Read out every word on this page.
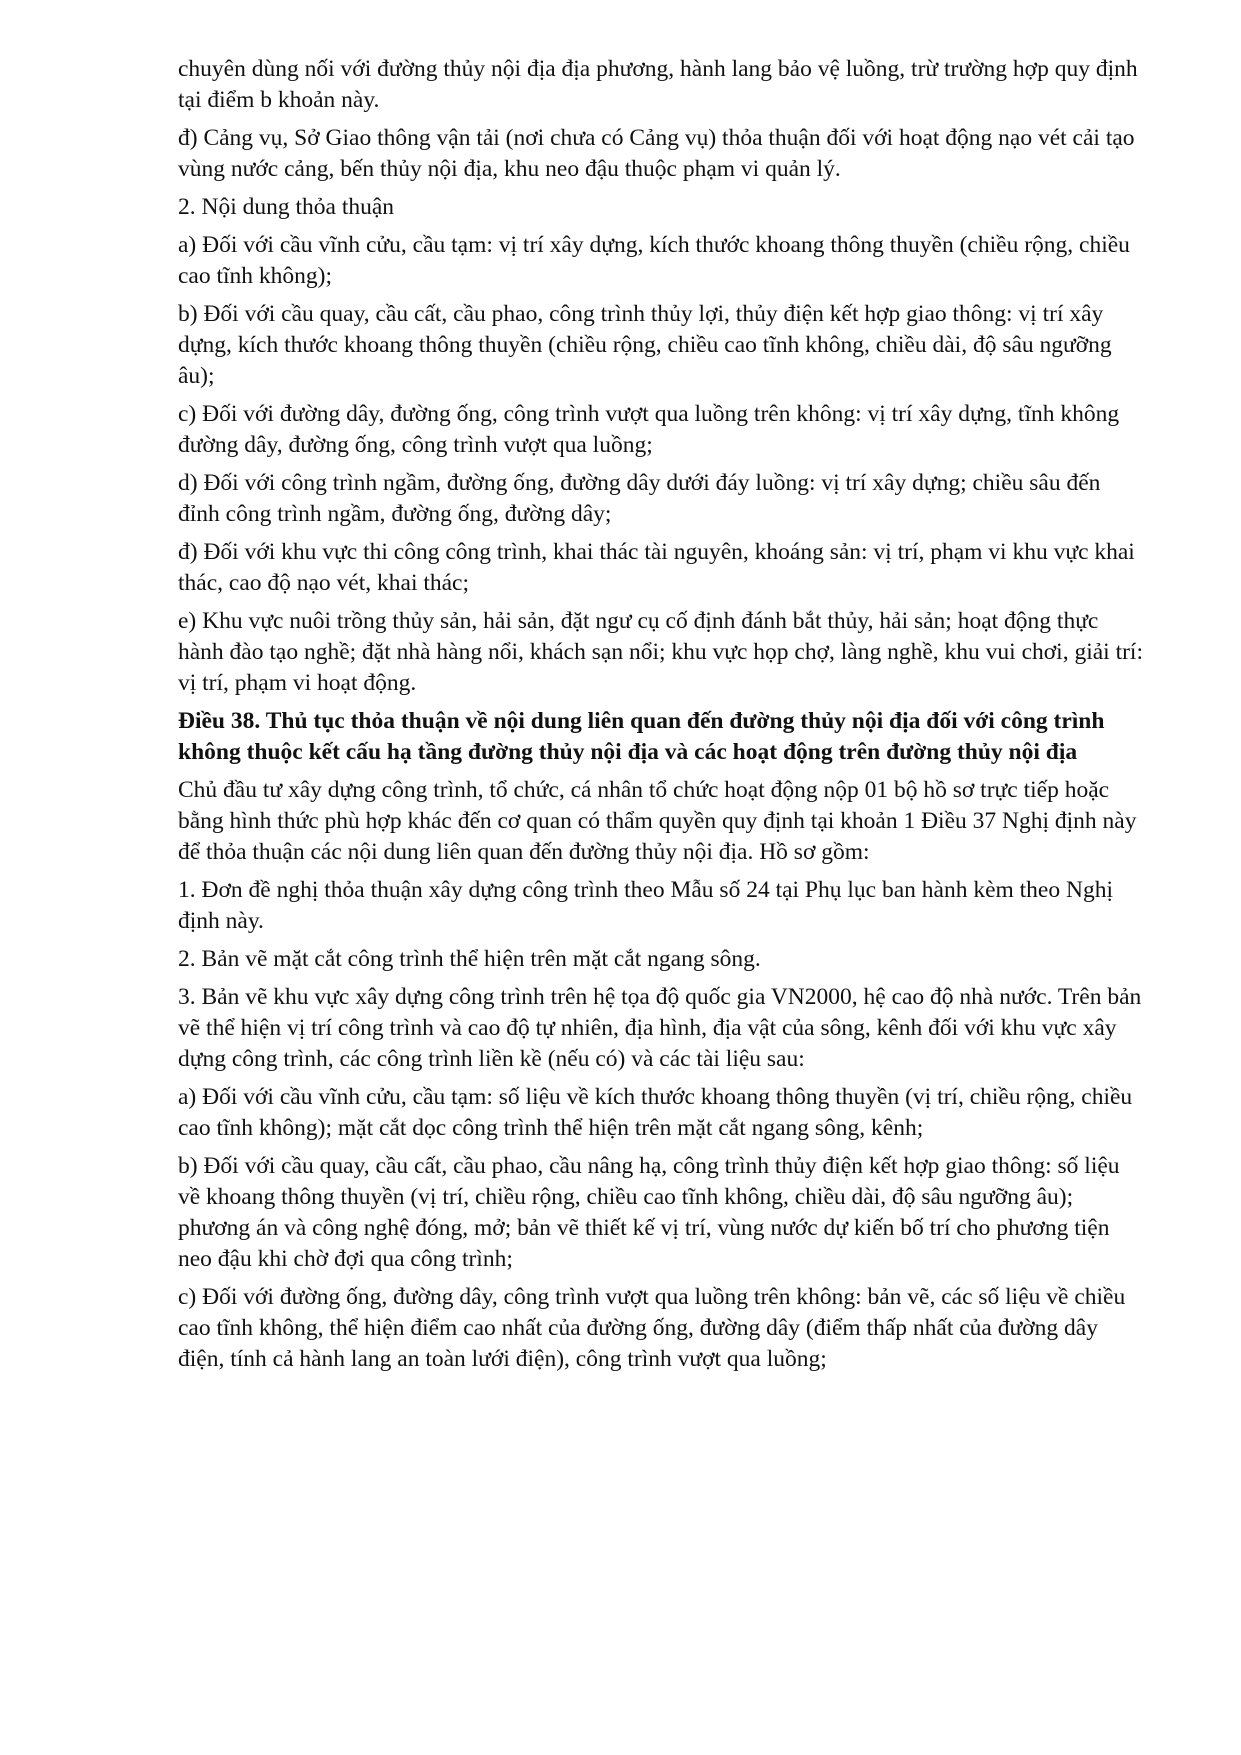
chuyên dùng nối với đường thủy nội địa địa phương, hành lang bảo vệ luồng, trừ trường hợp quy định tại điểm b khoản này.

đ) Cảng vụ, Sở Giao thông vận tải (nơi chưa có Cảng vụ) thỏa thuận đối với hoạt động nạo vét cải tạo vùng nước cảng, bến thủy nội địa, khu neo đậu thuộc phạm vi quản lý.

2. Nội dung thỏa thuận

a) Đối với cầu vĩnh cửu, cầu tạm: vị trí xây dựng, kích thước khoang thông thuyền (chiều rộng, chiều cao tĩnh không);

b) Đối với cầu quay, cầu cất, cầu phao, công trình thủy lợi, thủy điện kết hợp giao thông: vị trí xây dựng, kích thước khoang thông thuyền (chiều rộng, chiều cao tĩnh không, chiều dài, độ sâu ngưỡng âu);

c) Đối với đường dây, đường ống, công trình vượt qua luồng trên không: vị trí xây dựng, tĩnh không đường dây, đường ống, công trình vượt qua luồng;

d) Đối với công trình ngầm, đường ống, đường dây dưới đáy luồng: vị trí xây dựng; chiều sâu đến đỉnh công trình ngầm, đường ống, đường dây;

đ) Đối với khu vực thi công công trình, khai thác tài nguyên, khoáng sản: vị trí, phạm vi khu vực khai thác, cao độ nạo vét, khai thác;

e) Khu vực nuôi trồng thủy sản, hải sản, đặt ngư cụ cố định đánh bắt thủy, hải sản; hoạt động thực hành đào tạo nghề; đặt nhà hàng nổi, khách sạn nổi; khu vực họp chợ, làng nghề, khu vui chơi, giải trí: vị trí, phạm vi hoạt động.

Điều 38. Thủ tục thỏa thuận về nội dung liên quan đến đường thủy nội địa đối với công trình không thuộc kết cấu hạ tầng đường thủy nội địa và các hoạt động trên đường thủy nội địa

Chủ đầu tư xây dựng công trình, tổ chức, cá nhân tổ chức hoạt động nộp 01 bộ hồ sơ trực tiếp hoặc bằng hình thức phù hợp khác đến cơ quan có thẩm quyền quy định tại khoản 1 Điều 37 Nghị định này để thỏa thuận các nội dung liên quan đến đường thủy nội địa. Hồ sơ gồm:

1. Đơn đề nghị thỏa thuận xây dựng công trình theo Mẫu số 24 tại Phụ lục ban hành kèm theo Nghị định này.

2. Bản vẽ mặt cắt công trình thể hiện trên mặt cắt ngang sông.

3. Bản vẽ khu vực xây dựng công trình trên hệ tọa độ quốc gia VN2000, hệ cao độ nhà nước. Trên bản vẽ thể hiện vị trí công trình và cao độ tự nhiên, địa hình, địa vật của sông, kênh đối với khu vực xây dựng công trình, các công trình liền kề (nếu có) và các tài liệu sau:

a) Đối với cầu vĩnh cửu, cầu tạm: số liệu về kích thước khoang thông thuyền (vị trí, chiều rộng, chiều cao tĩnh không); mặt cắt dọc công trình thể hiện trên mặt cắt ngang sông, kênh;

b) Đối với cầu quay, cầu cất, cầu phao, cầu nâng hạ, công trình thủy điện kết hợp giao thông: số liệu về khoang thông thuyền (vị trí, chiều rộng, chiều cao tĩnh không, chiều dài, độ sâu ngưỡng âu); phương án và công nghệ đóng, mở; bản vẽ thiết kế vị trí, vùng nước dự kiến bố trí cho phương tiện neo đậu khi chờ đợi qua công trình;

c) Đối với đường ống, đường dây, công trình vượt qua luồng trên không: bản vẽ, các số liệu về chiều cao tĩnh không, thể hiện điểm cao nhất của đường ống, đường dây (điểm thấp nhất của đường dây điện, tính cả hành lang an toàn lưới điện), công trình vượt qua luồng;
